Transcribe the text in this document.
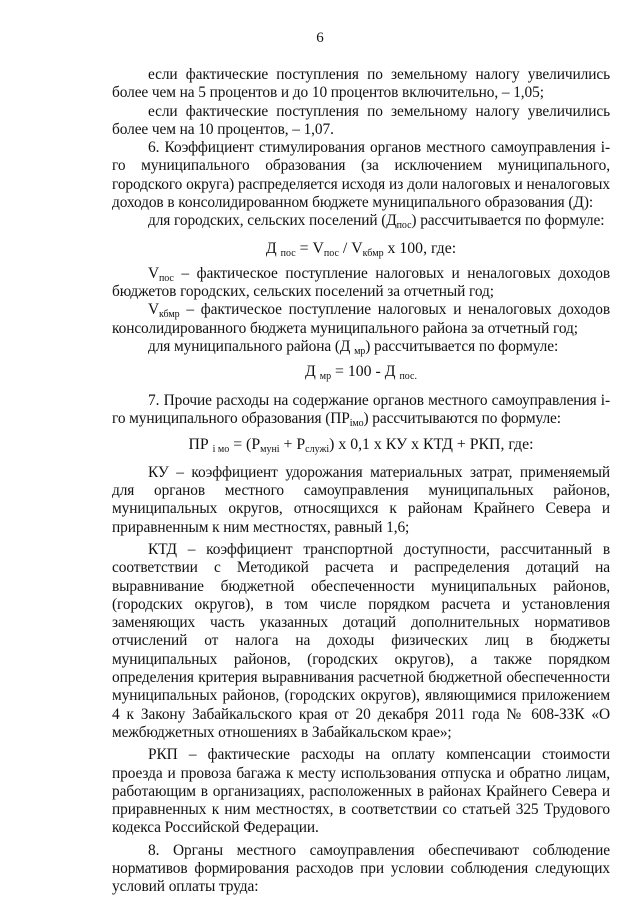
6

если фактические поступления по земельному налогу увеличились более чем на 5 процентов и до 10 процентов включительно, – 1,05;

если фактические поступления по земельному налогу увеличились более чем на 10 процентов, – 1,07.

6. Коэффициент стимулирования органов местного самоуправления i-го муниципального образования (за исключением муниципального, городского округа) распределяется исходя из доли налоговых и неналоговых доходов в консолидированном бюджете муниципального образования (Д):

для городских, сельских поселений $(Д_{пос})$ рассчитывается по формуле:

Д $_{пос} = V_{пос} / V_{кбмр}$ x 100, где:

$V_{пос}$ – фактическое поступление налоговых и неналоговых доходов бюджетов городских, сельских поселений за отчетный год;

$V_{кбмр}$ – фактическое поступление налоговых и неналоговых доходов консолидированного бюджета муниципального района за отчетный год;

для муниципального района (Д $_{мр}$) рассчитывается по формуле:

Д $_{мр}$ = 100 - Д $_{пос.}$

7. Прочие расходы на содержание органов местного самоуправления i-го муниципального образования $(ПР_{iмо})$ рассчитываются по формуле:

ПР $_{i мо} = (Р_{муні} + Р_{служі})$ x 0,1 x КУ x КТД + РКП, где:

КУ – коэффициент удорожания материальных затрат, применяемый для органов местного самоуправления муниципальных районов, муниципальных округов, относящихся к районам Крайнего Севера и приравненным к ним местностях, равный 1,6;

КТД – коэффициент транспортной доступности, рассчитанный в соответствии с Методикой расчета и распределения дотаций на выравнивание бюджетной обеспеченности муниципальных районов, (городских округов), в том числе порядком расчета и установления заменяющих часть указанных дотаций дополнительных нормативов отчислений от налога на доходы физических лиц в бюджеты муниципальных районов, (городских округов), а также порядком определения критерия выравнивания расчетной бюджетной обеспеченности муниципальных районов, (городских округов), являющимися приложением 4 к Закону Забайкальского края от 20 декабря 2011 года № 608-ЗЗК «О межбюджетных отношениях в Забайкальском крае»;

РКП – фактические расходы на оплату компенсации стоимости проезда и провоза багажа к месту использования отпуска и обратно лицам, работающим в организациях, расположенных в районах Крайнего Севера и приравненных к ним местностях, в соответствии со статьей 325 Трудового кодекса Российской Федерации.

8. Органы местного самоуправления обеспечивают соблюдение нормативов формирования расходов при условии соблюдения следующих условий оплаты труда:
